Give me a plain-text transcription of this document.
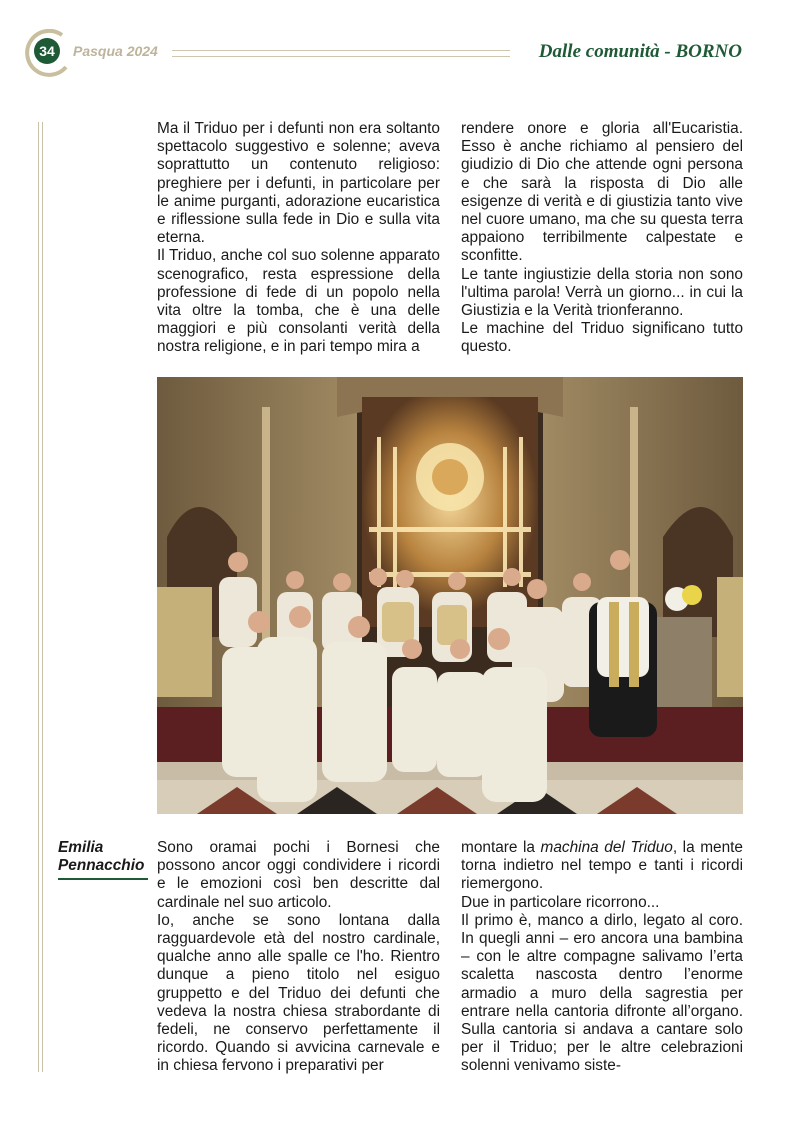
34	Pasqua 2024	Dalle comunità - BORNO

Ma il Triduo per i defunti non era soltanto spettacolo suggestivo e solenne; aveva soprattutto un contenuto religioso: preghiere per i defunti, in particolare per le anime purganti, adorazione eucaristica e riflessione sulla fede in Dio e sulla vita eterna.

Il Triduo, anche col suo solenne apparato scenografico, resta espressione della professione di fede di un popolo nella vita oltre la tomba, che è una delle maggiori e più consolanti verità della nostra religione, e in pari tempo mira a

rendere onore e gloria all'Eucaristia. Esso è anche richiamo al pensiero del giudizio di Dio che attende ogni persona e che sarà la risposta di Dio alle esigenze di verità e di giustizia tanto vive nel cuore umano, ma che su questa terra appaiono terribilmente calpestate e sconfitte.

Le tante ingiustizie della storia non sono l'ultima parola! Verrà un giorno... in cui la Giustizia e la Verità trionferanno.

Le machine del Triduo significano tutto questo.

Emilia Pennacchio

Sono oramai pochi i Bornesi che possono ancor oggi condividere i ricordi e le emozioni così ben descritte dal cardinale nel suo articolo.

Io, anche se sono lontana dalla ragguardevole età del nostro cardinale, qualche anno alle spalle ce l'ho. Rientro dunque a pieno titolo nel esiguo gruppetto e del Triduo dei defunti che vedeva la nostra chiesa strabordante di fedeli, ne conservo perfettamente il ricordo. Quando si avvicina carnevale e in chiesa fervono i preparativi per

montare la machina del Triduo, la mente torna indietro nel tempo e tanti i ricordi riemergono.

Due in particolare ricorrono...

Il primo è, manco a dirlo, legato al coro. In quegli anni – ero ancora una bambina – con le altre compagne salivamo l’erta scaletta nascosta dentro l’enorme armadio a muro della sagrestia per entrare nella cantoria difronte all’organo. Sulla cantoria si andava a cantare solo per il Triduo; per le altre celebrazioni solenni venivamo siste-
